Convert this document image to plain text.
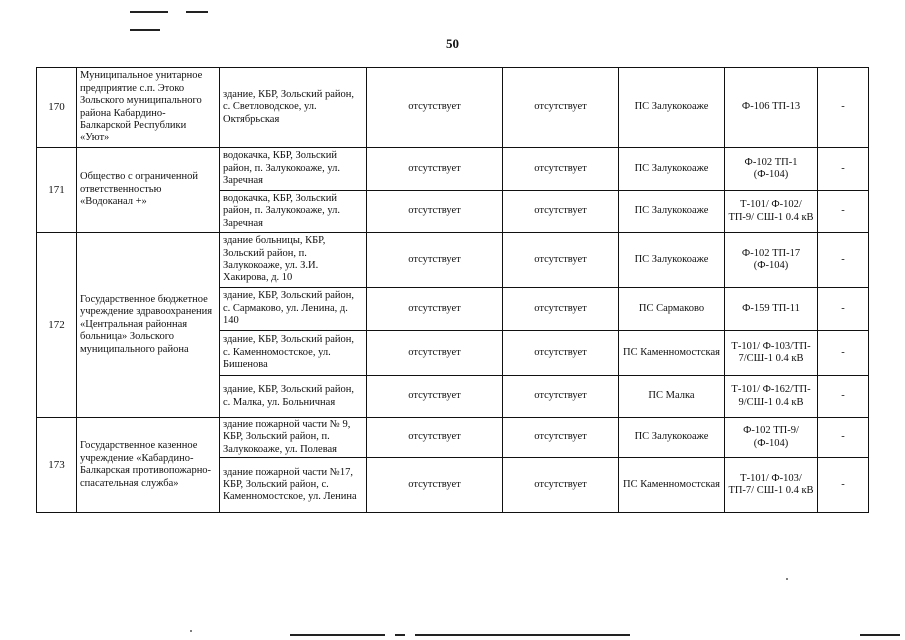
50
170	Муниципальное унитарное предприятие с.п. Этоко Зольского муниципального района Кабардино-Балкарской Республики «Уют»	здание, КБР, Зольский район, с. Светловодское, ул. Октябрьская	отсутствует	отсутствует	ПС Залукокоаже	Ф-106 ТП-13	-
171	Общество с ограниченной ответственностью «Водоканал +»	водокачка, КБР, Зольский район, п. Залукокоаже, ул. Заречная	отсутствует	отсутствует	ПС Залукокоаже	Ф-102 ТП-1 (Ф-104)	-
		водокачка, КБР, Зольский район, п. Залукокоаже, ул. Заречная	отсутствует	отсутствует	ПС Залукокоаже	Т-101/ Ф-102/ТП-9/ СШ-1 0.4 кВ	-
172	Государственное бюджетное учреждение здравоохранения «Центральная районная больница» Зольского муниципального района	здание больницы, КБР, Зольский район, п. Залукокоаже, ул. З.И. Хакирова, д. 10	отсутствует	отсутствует	ПС Залукокоаже	Ф-102 ТП-17 (Ф-104)	-
		здание, КБР, Зольский район, с. Сармаково, ул. Ленина, д. 140	отсутствует	отсутствует	ПС Сармаково	Ф-159 ТП-11	-
		здание, КБР, Зольский район, с. Каменномостское, ул. Бишенова	отсутствует	отсутствует	ПС Каменномостская	Т-101/ Ф-103/ТП- 7/СШ-1 0.4 кВ	-
		здание, КБР, Зольский район, с. Малка, ул. Больничная	отсутствует	отсутствует	ПС Малка	Т-101/ Ф-162/ТП- 9/СШ-1 0.4 кВ	-
173	Государственное казенное учреждение «Кабардино-Балкарская противопожарно-спасательная служба»	здание пожарной части № 9, КБР, Зольский район, п. Залукокоаже, ул. Полевая	отсутствует	отсутствует	ПС Залукокоаже	Ф-102 ТП-9/ (Ф-104)	-
		здание пожарной части №17, КБР, Зольский район, с. Каменномостское, ул. Ленина	отсутствует	отсутствует	ПС Каменномостская	Т-101/ Ф-103/ТП-7/ СШ-1 0.4 кВ	-
